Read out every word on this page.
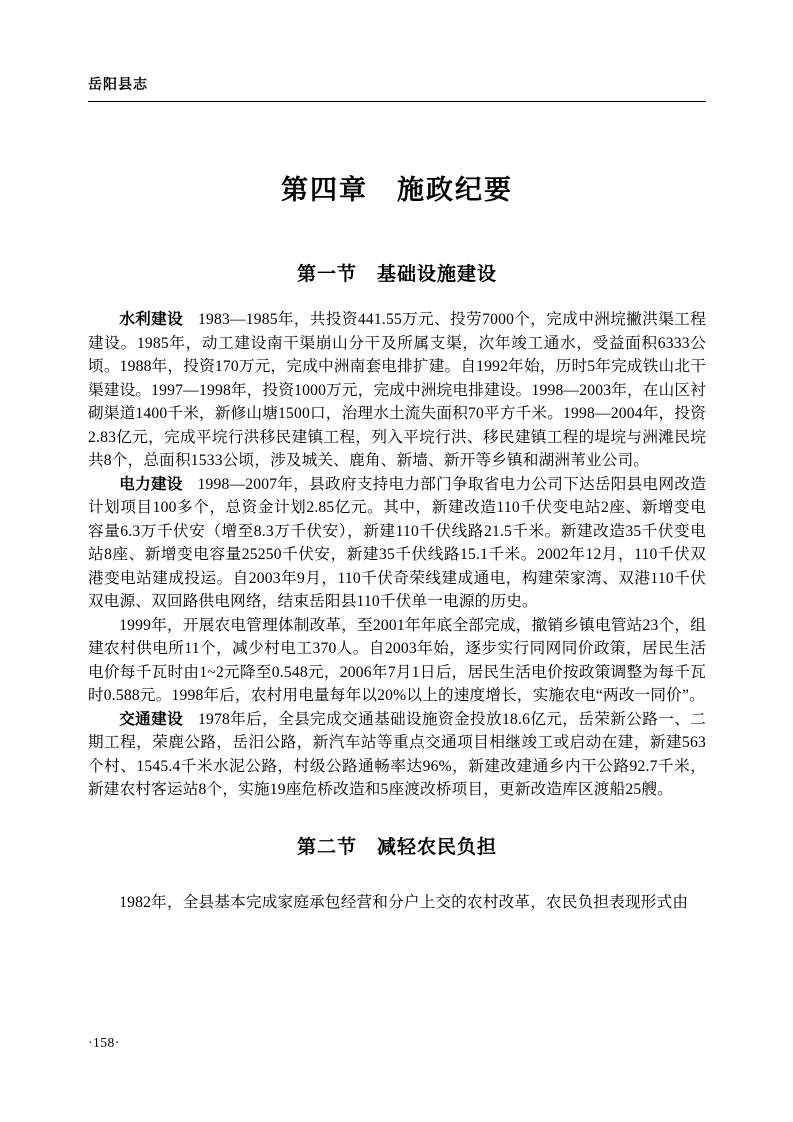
岳阳县志
第四章　施政纪要
第一节　基础设施建设

水利建设 1983—1985年，共投资441.55万元、投劳7000个，完成中洲垸撇洪渠工程建设。1985年，动工建设南干渠崩山分干及所属支渠，次年竣工通水，受益面积6333公顷。1988年，投资170万元，完成中洲南套电排扩建。自1992年始，历时5年完成铁山北干渠建设。1997—1998年，投资1000万元，完成中洲垸电排建设。1998—2003年，在山区衬砌渠道1400千米，新修山塘1500口，治理水土流失面积70平方千米。1998—2004年，投资2.83亿元，完成平垸行洪移民建镇工程，列入平垸行洪、移民建镇工程的堤垸与洲滩民垸共8个，总面积1533公顷，涉及城关、鹿角、新墙、新开等乡镇和湖洲苇业公司。

电力建设 1998—2007年，县政府支持电力部门争取省电力公司下达岳阳县电网改造计划项目100多个，总资金计划2.85亿元。其中，新建改造110千伏变电站2座、新增变电容量6.3万千伏安（增至8.3万千伏安），新建110千伏线路21.5千米。新建改造35千伏变电站8座、新增变电容量25250千伏安，新建35千伏线路15.1千米。2002年12月，110千伏双港变电站建成投运。自2003年9月，110千伏奇荣线建成通电，构建荣家湾、双港110千伏双电源、双回路供电网络，结束岳阳县110千伏单一电源的历史。

1999年，开展农电管理体制改革，至2001年年底全部完成，撤销乡镇电管站23个，组建农村供电所11个，减少村电工370人。自2003年始，逐步实行同网同价政策，居民生活电价每千瓦时由1~2元降至0.548元，2006年7月1日后，居民生活电价按政策调整为每千瓦时0.588元。1998年后，农村用电量每年以20%以上的速度增长，实施农电“两改一同价”。

交通建设 1978年后，全县完成交通基础设施资金投放18.6亿元，岳荣新公路一、二期工程，荣鹿公路，岳汨公路，新汽车站等重点交通项目相继竣工或启动在建，新建563个村、1545.4千米水泥公路，村级公路通畅率达96%，新建改建通乡内干公路92.7千米，新建农村客运站8个，实施19座危桥改造和5座渡改桥项目，更新改造库区渡船25艘。

第二节　减轻农民负担

1982年，全县基本完成家庭承包经营和分户上交的农村改革，农民负担表现形式由

·158·
